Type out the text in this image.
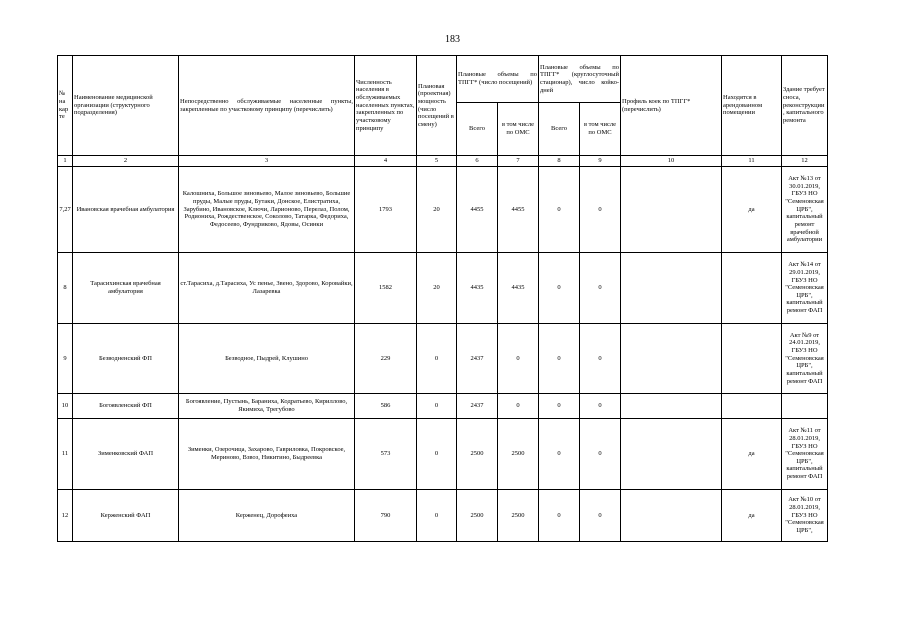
183
№ на кар те	Наименование медицинской организации (структурного подразделения)	Непосредственно обслуживаемые населенные пункты, закрепленные по участковому принципу (перечислить)	Численность населения в обслуживаемых населенных пунктах, закрепленных по участковому принципу	Плановая (проектная) мощность (число посещений в смену)	Плановые объемы по ТПГГ* (число посещений)		Плановые объемы по ТПГГ* (круглосуточный стационар), число койко-дней		Профиль коек по ТПГГ* (перечислить)	Находятся в арендованном помещении	Здание требует сноса, реконструкции, капитального ремонта
					Всего	в том числе по ОМС	Всего	в том числе по ОМС			
1	2	3	4	5	6	7	8	9	10	11	12
7,27	Ивановская врачебная амбулатория	Калошниха, Большое зиновьево, Малое зиновьево, Большие пруды, Малые пруды, Бутаки, Донское, Елистратиха, Зарубино, Ивановское, Ключи, Ларионово, Перелаз, Полом, Родиониха, Рождественское, Соколово, Татарка, Федориха, Федосеево, Фундриково, Ядовы, Осинки	1793	20	4455	4455	0	0		да	Акт №13 от 30.01.2019, ГБУЗ НО "Семеновская ЦРБ", капитальный ремонт врачебной амбулатории
8	Тарасихинская врачебная амбулатория	ст.Тарасиха, д.Тарасиха, Ус пенье, Звено, Здорово, Коровайки, Лазаревка	1582	20	4435	4435	0	0			Акт №14 от 29.01.2019, ГБУЗ НО "Семеновская ЦРБ", капитальный ремонт ФАП
9	Безводненский ФП	Безводное, Пыдрей, Клушино	229	0	2437	0	0	0			Акт №9 от 24.01.2019, ГБУЗ НО "Семеновская ЦРБ", капитальный ремонт ФАП
10	Богоявленский ФП	Богоявление, Пустынь, Бараниха, Кодратьево, Кириллово, Якимиха, Трегубово	586	0	2437	0	0	0			
11	Зименковский ФАП	Зименки, Озерочица, Захарово, Гавриловка, Покровское, Мериново, Взвоз, Никитино, Быдреевка	573	0	2500	2500	0	0		да	Акт №11 от 28.01.2019, ГБУЗ НО "Семеновская ЦРБ", капитальный ремонт ФАП
12	Керженский ФАП	Керженец, Дорофеиха	790	0	2500	2500	0	0		да	Акт №10 от 28.01.2019, ГБУЗ НО "Семеновская ЦРБ",
